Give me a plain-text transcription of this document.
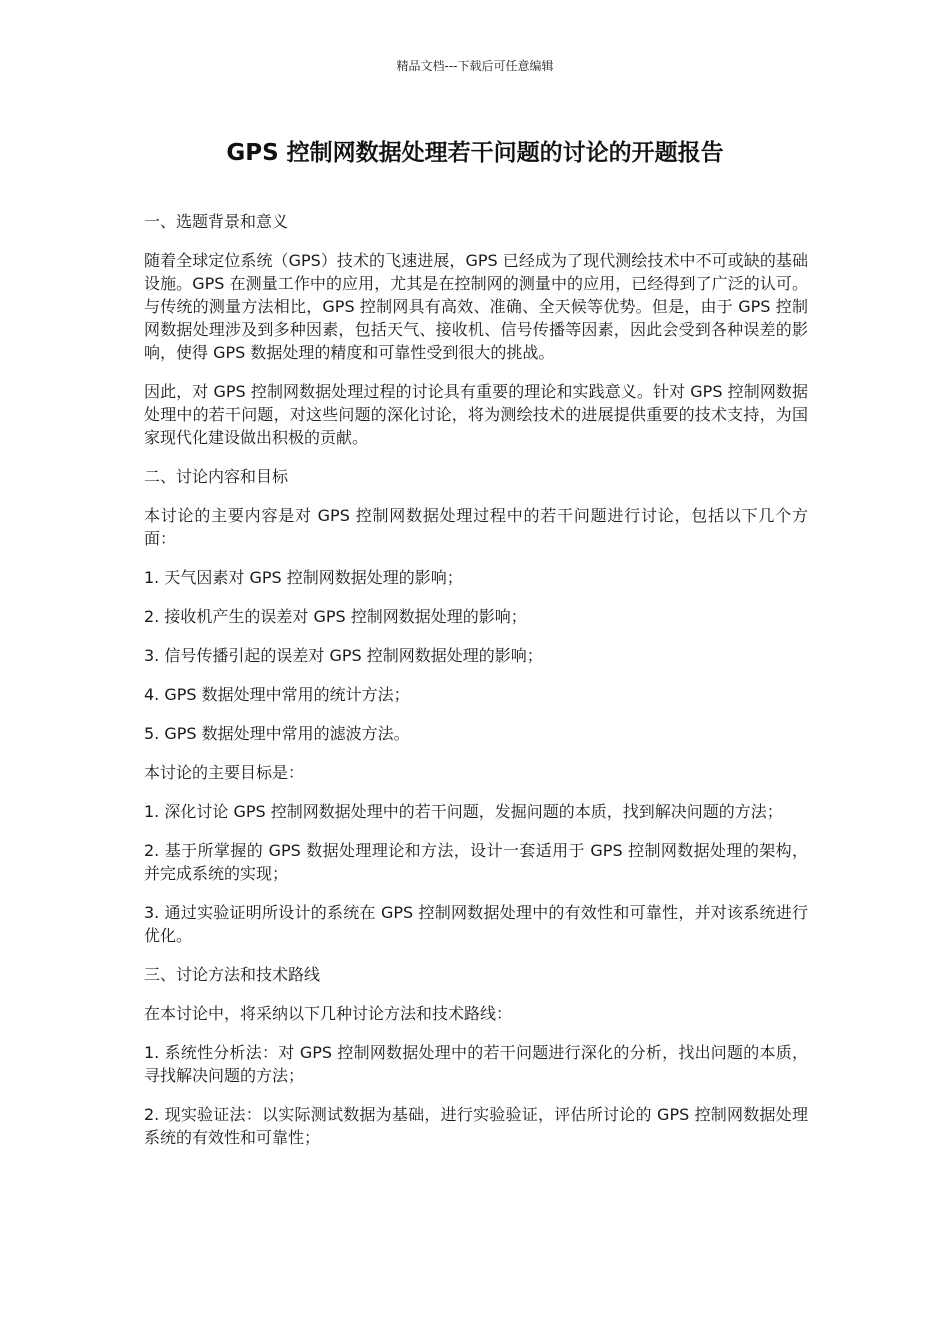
精品文档---下载后可任意编辑
GPS 控制网数据处理若干问题的讨论的开题报告

一、选题背景和意义

随着全球定位系统（GPS）技术的飞速进展，GPS 已经成为了现代测绘技术中不可或缺的基础设施。GPS 在测量工作中的应用，尤其是在控制网的测量中的应用，已经得到了广泛的认可。与传统的测量方法相比，GPS 控制网具有高效、准确、全天候等优势。但是，由于 GPS 控制网数据处理涉及到多种因素，包括天气、接收机、信号传播等因素，因此会受到各种误差的影响，使得 GPS 数据处理的精度和可靠性受到很大的挑战。

因此，对 GPS 控制网数据处理过程的讨论具有重要的理论和实践意义。针对 GPS 控制网数据处理中的若干问题，对这些问题的深化讨论，将为测绘技术的进展提供重要的技术支持，为国家现代化建设做出积极的贡献。

二、讨论内容和目标

本讨论的主要内容是对 GPS 控制网数据处理过程中的若干问题进行讨论，包括以下几个方面：

1. 天气因素对 GPS 控制网数据处理的影响；

2. 接收机产生的误差对 GPS 控制网数据处理的影响；

3. 信号传播引起的误差对 GPS 控制网数据处理的影响；

4. GPS 数据处理中常用的统计方法；

5. GPS 数据处理中常用的滤波方法。

本讨论的主要目标是：

1. 深化讨论 GPS 控制网数据处理中的若干问题，发掘问题的本质，找到解决问题的方法；

2. 基于所掌握的 GPS 数据处理理论和方法，设计一套适用于 GPS 控制网数据处理的架构，并完成系统的实现；

3. 通过实验证明所设计的系统在 GPS 控制网数据处理中的有效性和可靠性，并对该系统进行优化。

三、讨论方法和技术路线

在本讨论中，将采纳以下几种讨论方法和技术路线：

1. 系统性分析法：对 GPS 控制网数据处理中的若干问题进行深化的分析，找出问题的本质，寻找解决问题的方法；

2. 现实验证法：以实际测试数据为基础，进行实验验证，评估所讨论的 GPS 控制网数据处理系统的有效性和可靠性；
